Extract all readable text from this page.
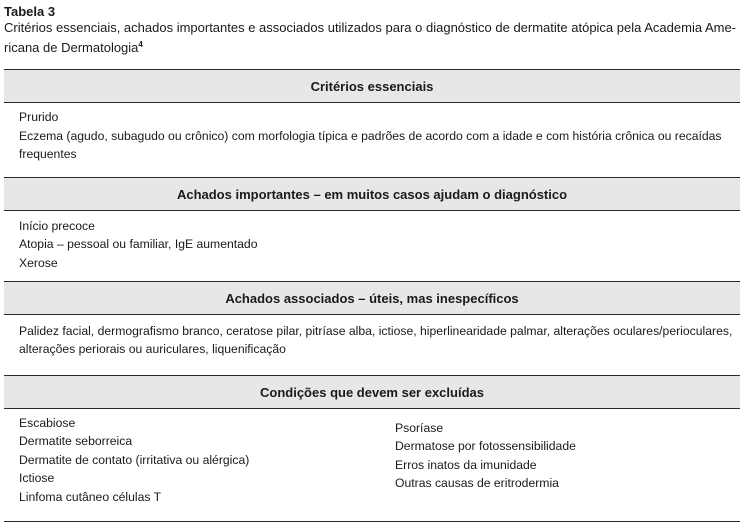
Tabela 3
Critérios essenciais, achados importantes e associados utilizados para o diagnóstico de dermatite atópica pela Academia Ame-
ricana de Dermatologia$^4$
Critérios essenciais
Prurido
Eczema (agudo, subagudo ou crônico) com morfologia típica e padrões de acordo com a idade e com história crônica ou recaídas
frequentes
Achados importantes – em muitos casos ajudam o diagnóstico
Início precoce
Atopia – pessoal ou familiar, IgE aumentado
Xerose
Achados associados – úteis, mas inespecíficos
Palidez facial, dermografismo branco, ceratose pilar, pitríase alba, ictiose, hiperlinearidade palmar, alterações oculares/perioculares,
alterações periorais ou auriculares, liquenificação
Condições que devem ser excluídas
Escabiose
Dermatite seborreica
Dermatite de contato (irritativa ou alérgica)
Ictiose
Linfoma cutâneo células T
Psoríase
Dermatose por fotossensibilidade
Erros inatos da imunidade
Outras causas de eritrodermia
